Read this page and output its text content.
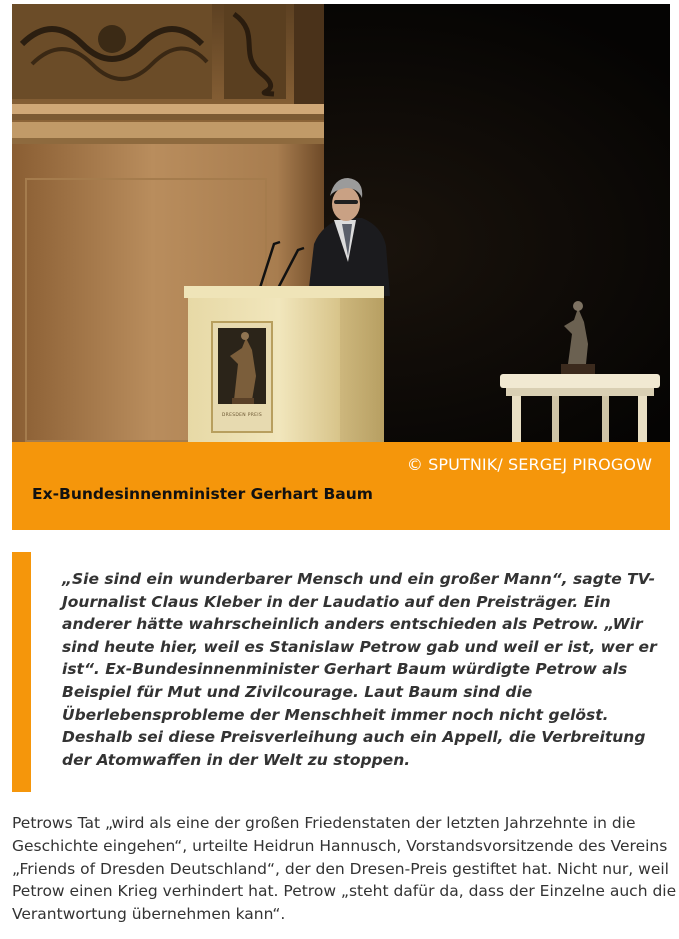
DRESDEN PREIS
© SPUTNIK/ SERGEJ PIROGOW
Ex-Bundesinnenminister Gerhart Baum

„Sie sind ein wunderbarer Mensch und ein großer Mann“, sagte TV-Journalist Claus Kleber in der Laudatio auf den Preisträger. Ein anderer hätte wahrscheinlich anders entschieden als Petrow. „Wir sind heute hier, weil es Stanislaw Petrow gab und weil er ist, wer er ist“. Ex-Bundesinnenminister Gerhart Baum würdigte Petrow als Beispiel für Mut und Zivilcourage. Laut Baum sind die Überlebensprobleme der Menschheit immer noch nicht gelöst. Deshalb sei diese Preisverleihung auch ein Appell, die Verbreitung der Atomwaffen in der Welt zu stoppen.

Petrows Tat „wird als eine der großen Friedenstaten der letzten Jahrzehnte in die Geschichte eingehen“, urteilte Heidrun Hannusch, Vorstandsvorsitzende des Vereins „Friends of Dresden Deutschland“, der den Dresen-Preis gestiftet hat. Nicht nur, weil Petrow einen Krieg verhindert hat. Petrow „steht dafür da, dass der Einzelne auch die Verantwortung übernehmen kann“.
